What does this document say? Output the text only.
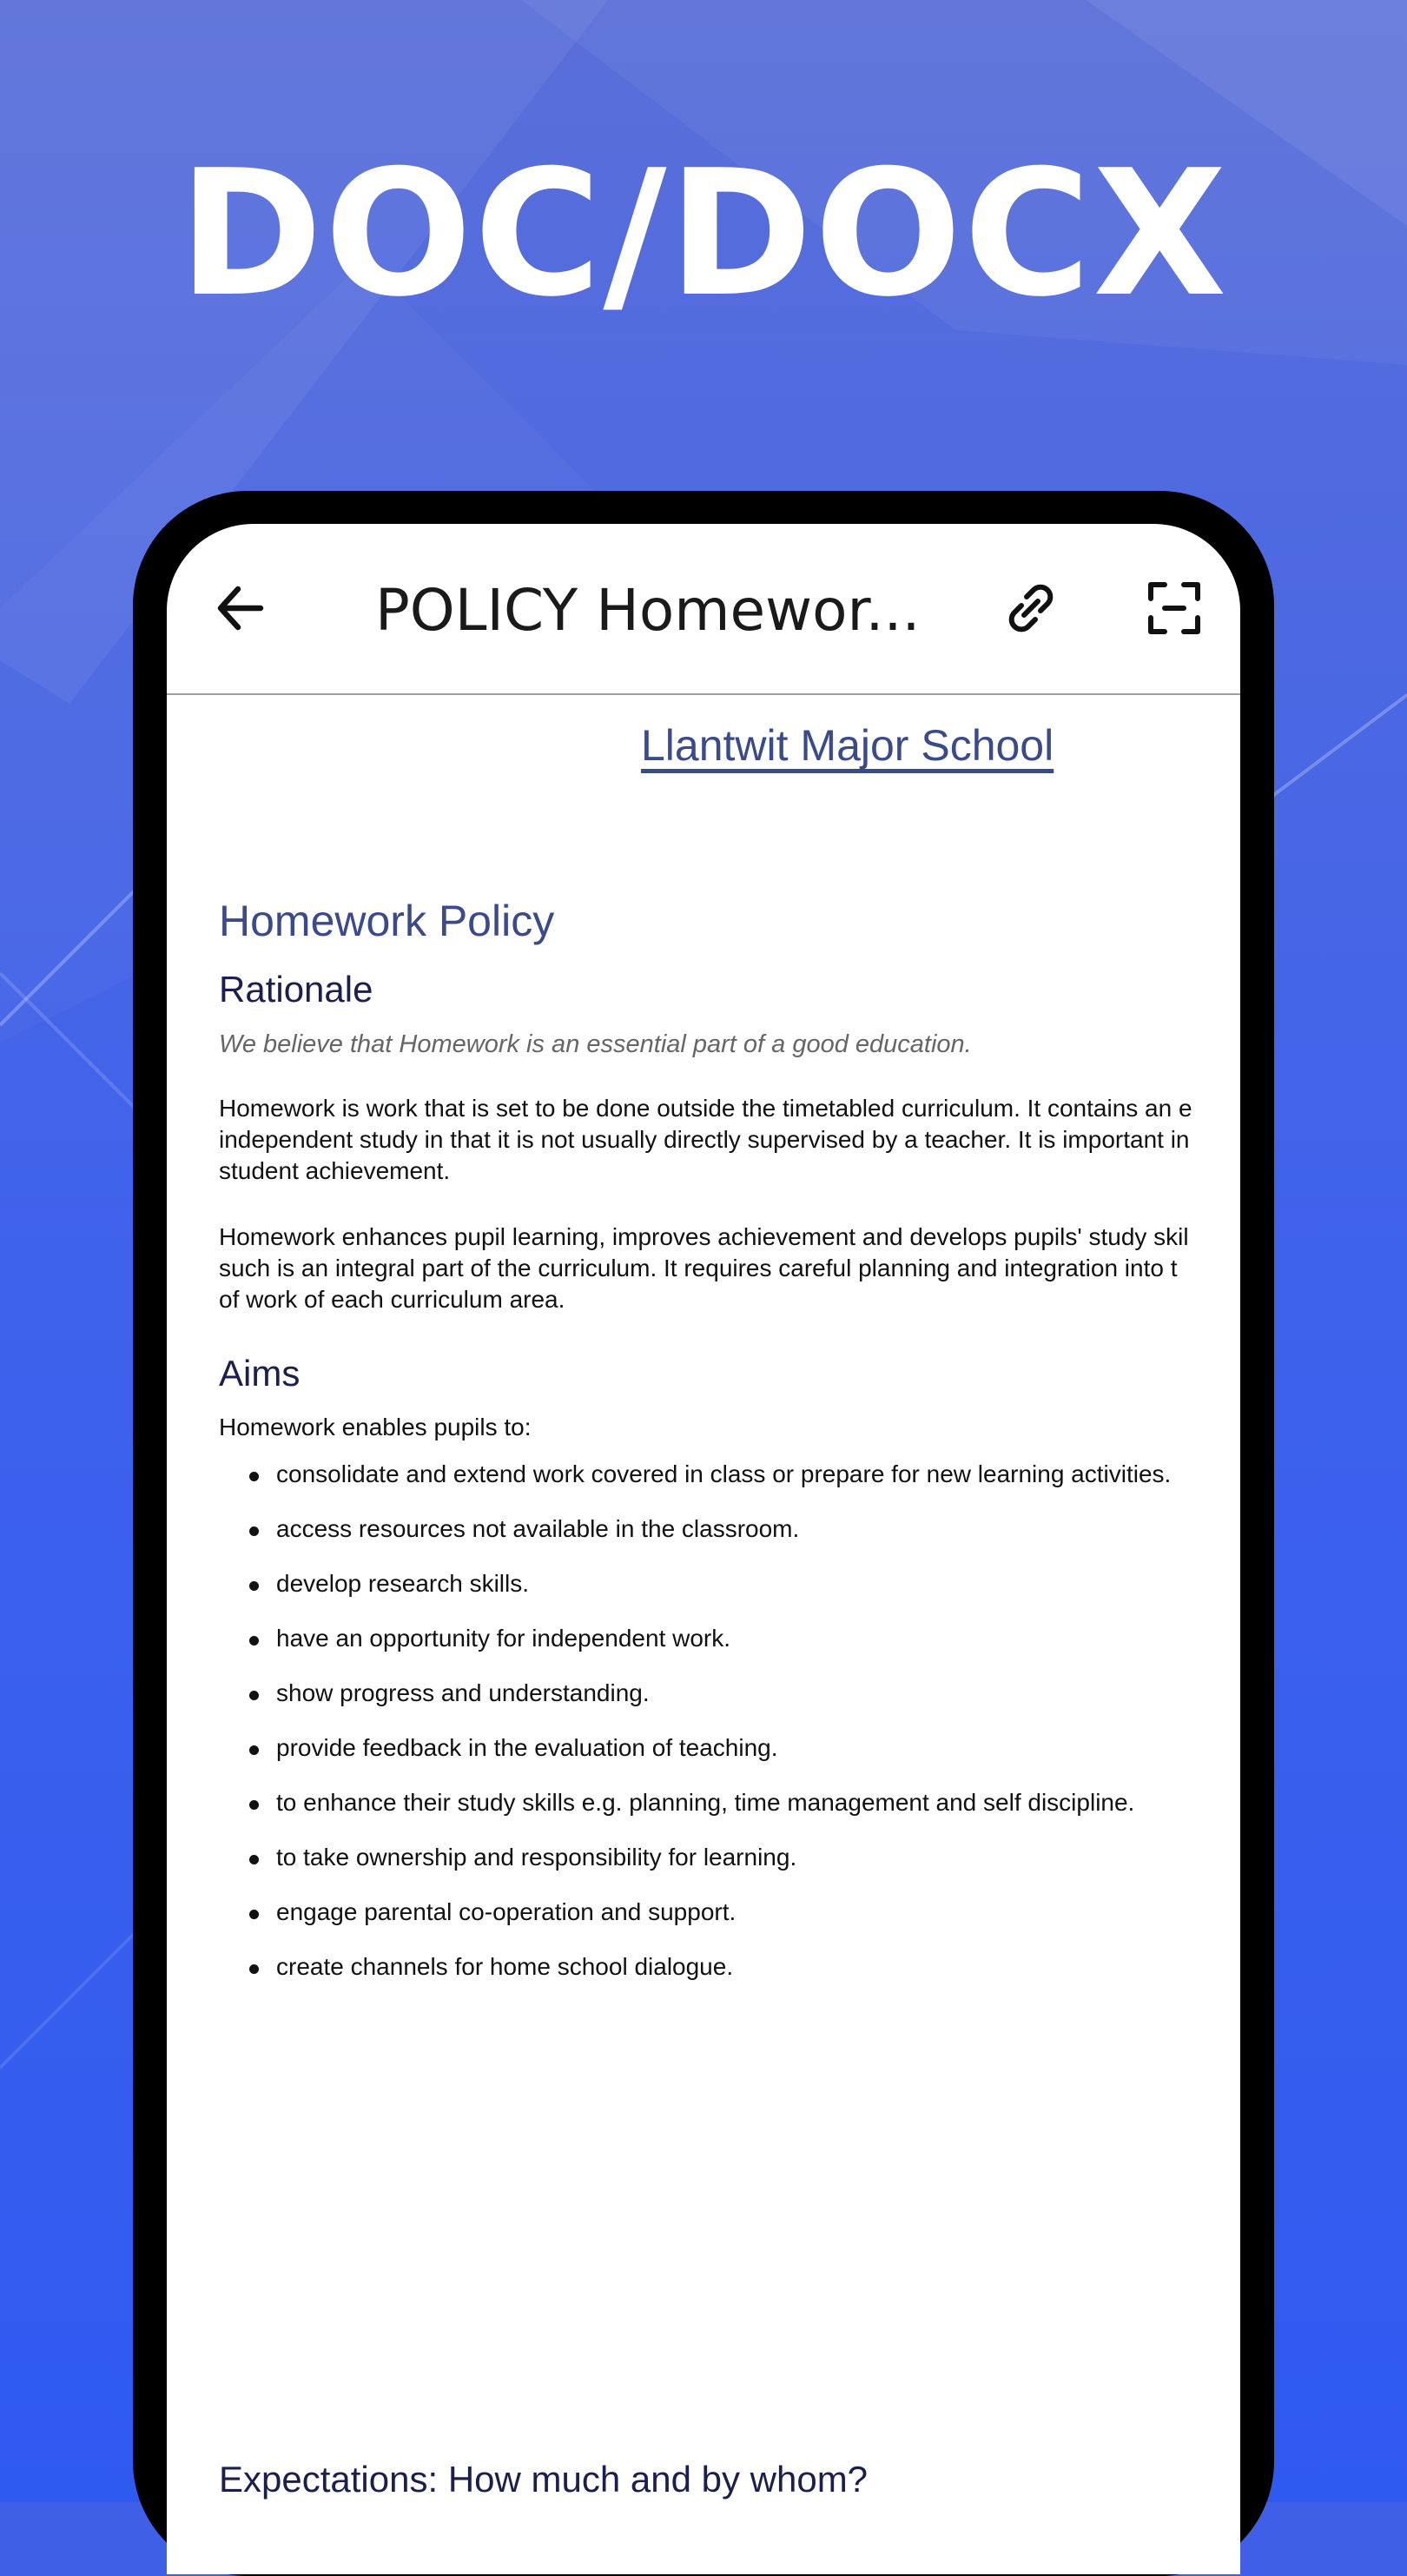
DOC/DOCX
POLICY Homewor...
Llantwit Major School
Homework Policy
Rationale
We believe that Homework is an essential part of a good education.
Homework is work that is set to be done outside the timetabled curriculum. It contains an e
independent study in that it is not usually directly supervised by a teacher. It is important in
student achievement.
Homework enhances pupil learning, improves achievement and develops pupils' study skil
such is an integral part of the curriculum. It requires careful planning and integration into t
of work of each curriculum area.
Aims
Homework enables pupils to:
consolidate and extend work covered in class or prepare for new learning activities.
access resources not available in the classroom.
develop research skills.
have an opportunity for independent work.
show progress and understanding.
provide feedback in the evaluation of teaching.
to enhance their study skills e.g. planning, time management and self discipline.
to take ownership and responsibility for learning.
engage parental co-operation and support.
create channels for home school dialogue.
Expectations: How much and by whom?
